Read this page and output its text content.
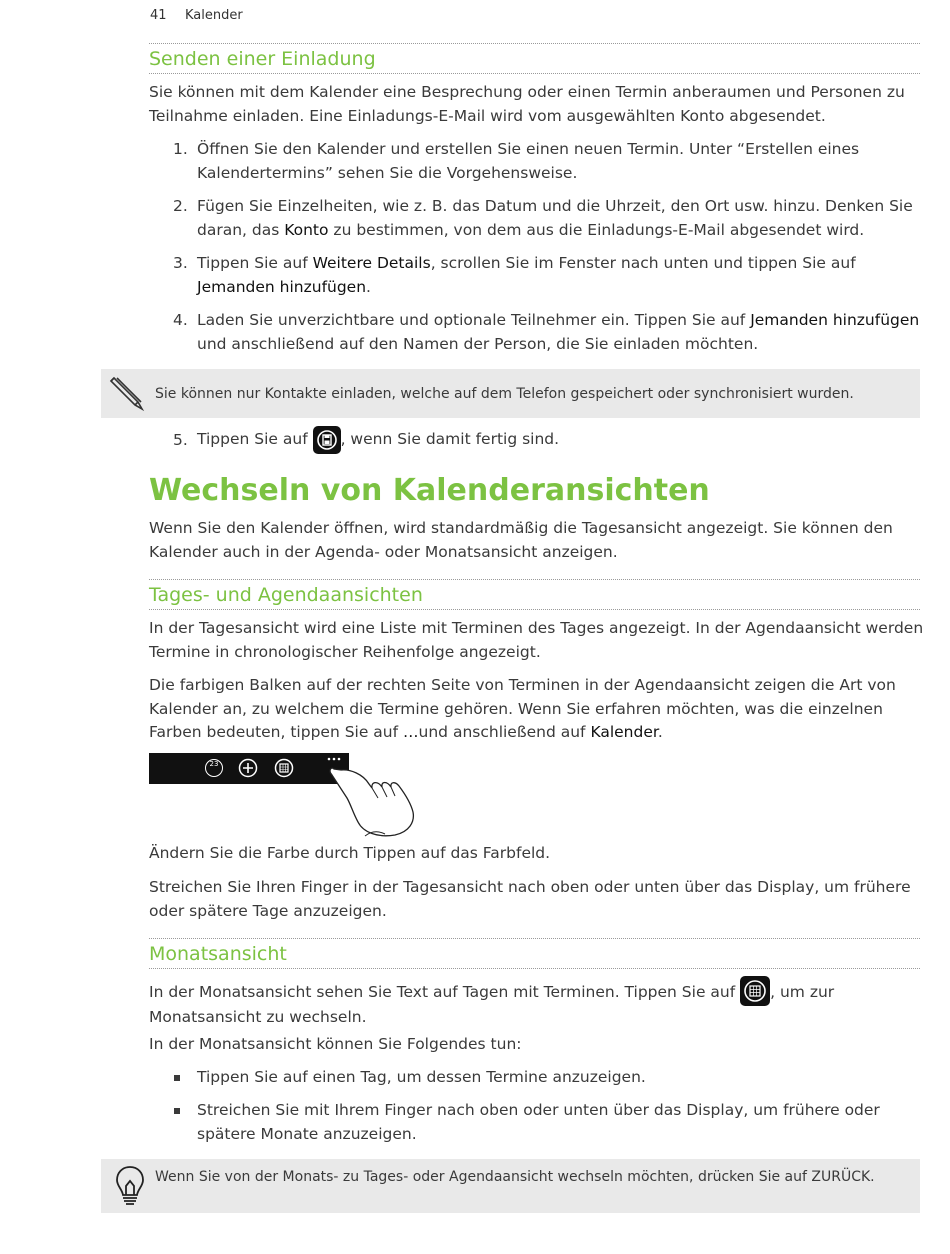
41 Kalender
Senden einer Einladung
Sie können mit dem Kalender eine Besprechung oder einen Termin anberaumen und Personen zu Teilnahme einladen. Eine Einladungs-E-Mail wird vom ausgewählten Konto abgesendet.
1. Öffnen Sie den Kalender und erstellen Sie einen neuen Termin. Unter “Erstellen eines Kalendertermins” sehen Sie die Vorgehensweise.
2. Fügen Sie Einzelheiten, wie z. B. das Datum und die Uhrzeit, den Ort usw. hinzu. Denken Sie daran, das Konto zu bestimmen, von dem aus die Einladungs-E-Mail abgesendet wird.
3. Tippen Sie auf Weitere Details, scrollen Sie im Fenster nach unten und tippen Sie auf Jemanden hinzufügen.
4. Laden Sie unverzichtbare und optionale Teilnehmer ein. Tippen Sie auf Jemanden hinzufügen und anschließend auf den Namen der Person, die Sie einladen möchten.
Sie können nur Kontakte einladen, welche auf dem Telefon gespeichert oder synchronisiert wurden.
5. Tippen Sie auf
, wenn Sie damit fertig sind.
Wechseln von Kalenderansichten
Wenn Sie den Kalender öffnen, wird standardmäßig die Tagesansicht angezeigt. Sie können den Kalender auch in der Agenda- oder Monatsansicht anzeigen.
Tages- und Agendaansichten
In der Tagesansicht wird eine Liste mit Terminen des Tages angezeigt. In der Agendaansicht werden Termine in chronologischer Reihenfolge angezeigt.
Die farbigen Balken auf der rechten Seite von Terminen in der Agendaansicht zeigen die Art von Kalender an, zu welchem die Termine gehören. Wenn Sie erfahren möchten, was die einzelnen Farben bedeuten, tippen Sie auf …und anschließend auf Kalender.
23
Ändern Sie die Farbe durch Tippen auf das Farbfeld.
Streichen Sie Ihren Finger in der Tagesansicht nach oben oder unten über das Display, um frühere oder spätere Tage anzuzeigen.
Monatsansicht
In der Monatsansicht sehen Sie Text auf Tagen mit Terminen. Tippen Sie auf
, um zur Monatsansicht zu wechseln.
In der Monatsansicht können Sie Folgendes tun:
Tippen Sie auf einen Tag, um dessen Termine anzuzeigen.
Streichen Sie mit Ihrem Finger nach oben oder unten über das Display, um frühere oder spätere Monate anzuzeigen.
Wenn Sie von der Monats- zu Tages- oder Agendaansicht wechseln möchten, drücken Sie auf ZURÜCK.
